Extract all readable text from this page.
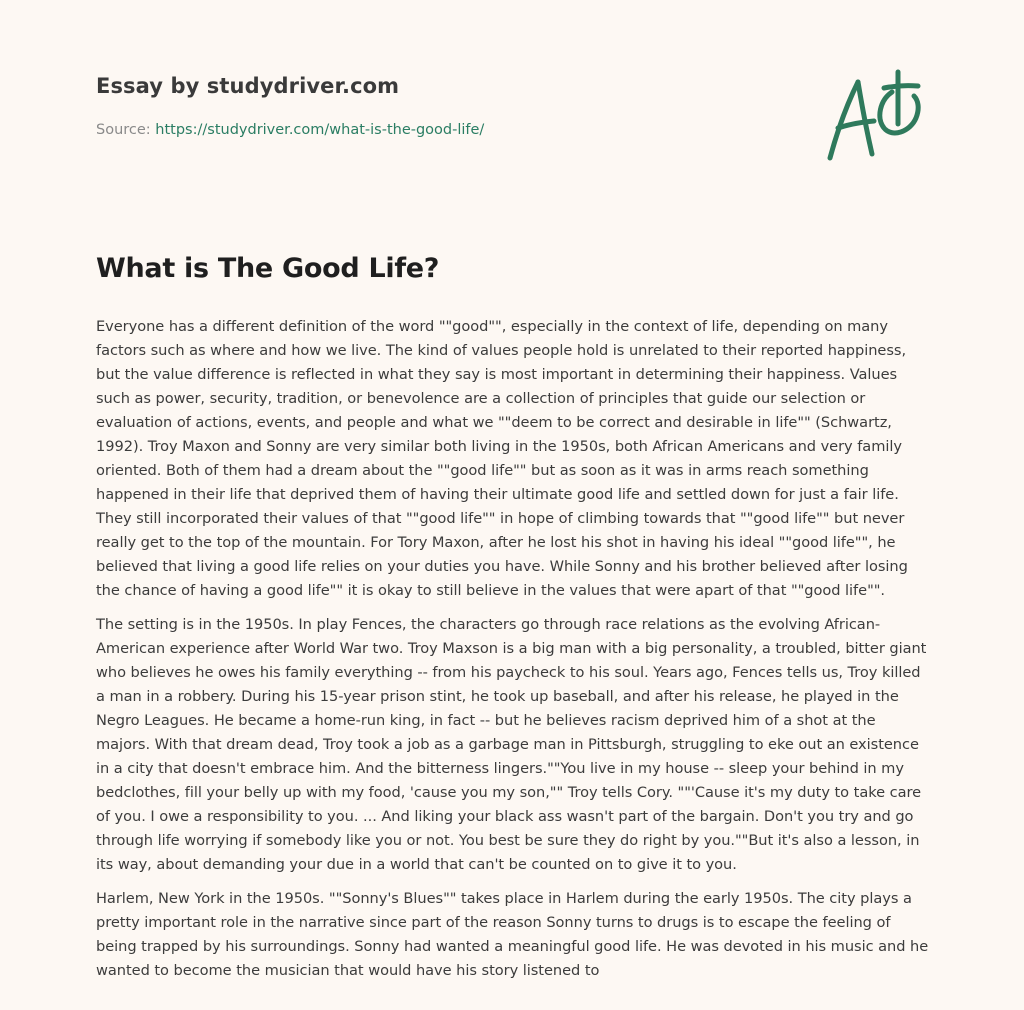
Essay by studydriver.com
Source: https://studydriver.com/what-is-the-good-life/
What is The Good Life?

Everyone has a different definition of the word ""good"", especially in the context of life, depending on many factors such as where and how we live. The kind of values people hold is unrelated to their reported happiness, but the value difference is reflected in what they say is most important in determining their happiness. Values such as power, security, tradition, or benevolence are a collection of principles that guide our selection or evaluation of actions, events, and people and what we ""deem to be correct and desirable in life"" (Schwartz, 1992). Troy Maxon and Sonny are very similar both living in the 1950s, both African Americans and very family oriented. Both of them had a dream about the ""good life"" but as soon as it was in arms reach something happened in their life that deprived them of having their ultimate good life and settled down for just a fair life. They still incorporated their values of that ""good life"" in hope of climbing towards that ""good life"" but never really get to the top of the mountain. For Tory Maxon, after he lost his shot in having his ideal ""good life"", he believed that living a good life relies on your duties you have. While Sonny and his brother believed after losing the chance of having a good life"" it is okay to still believe in the values that were apart of that ""good life"".

The setting is in the 1950s. In play Fences, the characters go through race relations as the evolving African-American experience after World War two. Troy Maxson is a big man with a big personality, a troubled, bitter giant who believes he owes his family everything -- from his paycheck to his soul. Years ago, Fences tells us, Troy killed a man in a robbery. During his 15-year prison stint, he took up baseball, and after his release, he played in the Negro Leagues. He became a home-run king, in fact -- but he believes racism deprived him of a shot at the majors. With that dream dead, Troy took a job as a garbage man in Pittsburgh, struggling to eke out an existence in a city that doesn't embrace him. And the bitterness lingers.""You live in my house -- sleep your behind in my bedclothes, fill your belly up with my food, 'cause you my son,"" Troy tells Cory. ""'Cause it's my duty to take care of you. I owe a responsibility to you. ... And liking your black ass wasn't part of the bargain. Don't you try and go through life worrying if somebody like you or not. You best be sure they do right by you.""But it's also a lesson, in its way, about demanding your due in a world that can't be counted on to give it to you.

Harlem, New York in the 1950s. ""Sonny's Blues"" takes place in Harlem during the early 1950s. The city plays a pretty important role in the narrative since part of the reason Sonny turns to drugs is to escape the feeling of being trapped by his surroundings. Sonny had wanted a meaningful good life. He was devoted in his music and he wanted to become the musician that would have his story listened to
